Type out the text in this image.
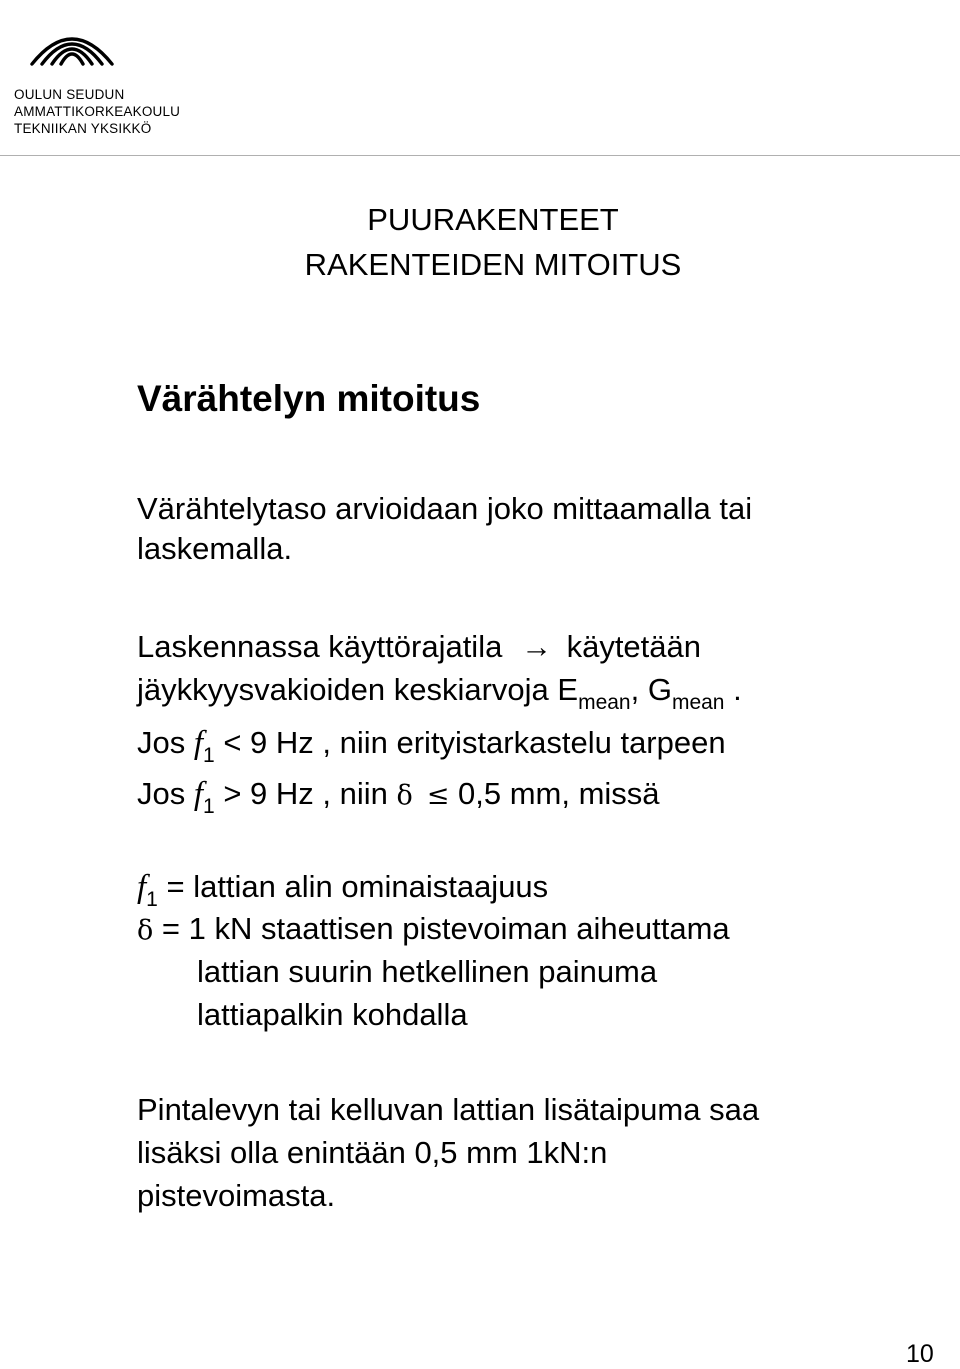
OULUN SEUDUN
AMMATTIKORKEAKOULU
TEKNIIKAN YKSIKKÖ
PUURAKENTEET
RAKENTEIDEN MITOITUS
Värähtelyn mitoitus
Värähtelytaso arvioidaan joko mittaamalla tai
laskemalla.
Laskennassa käyttörajatila → käytetään
jäykkyysvakioiden keskiarvoja $E_{mean}$, $G_{mean}$ .
Jos $f_1 < 9$ Hz , niin erityistarkastelu tarpeen
Jos $f_1 > 9$ Hz , niin δ ≤ 0,5 mm, missä
$f_1$ = lattian alin ominaistaajuus
δ = 1 kN staattisen pistevoiman aiheuttama
lattian suurin hetkellinen painuma
lattiapalkin kohdalla
Pintalevyn tai kelluvan lattian lisätaipuma saa
lisäksi olla enintään 0,5 mm 1kN:n
pistevoimasta.
10
